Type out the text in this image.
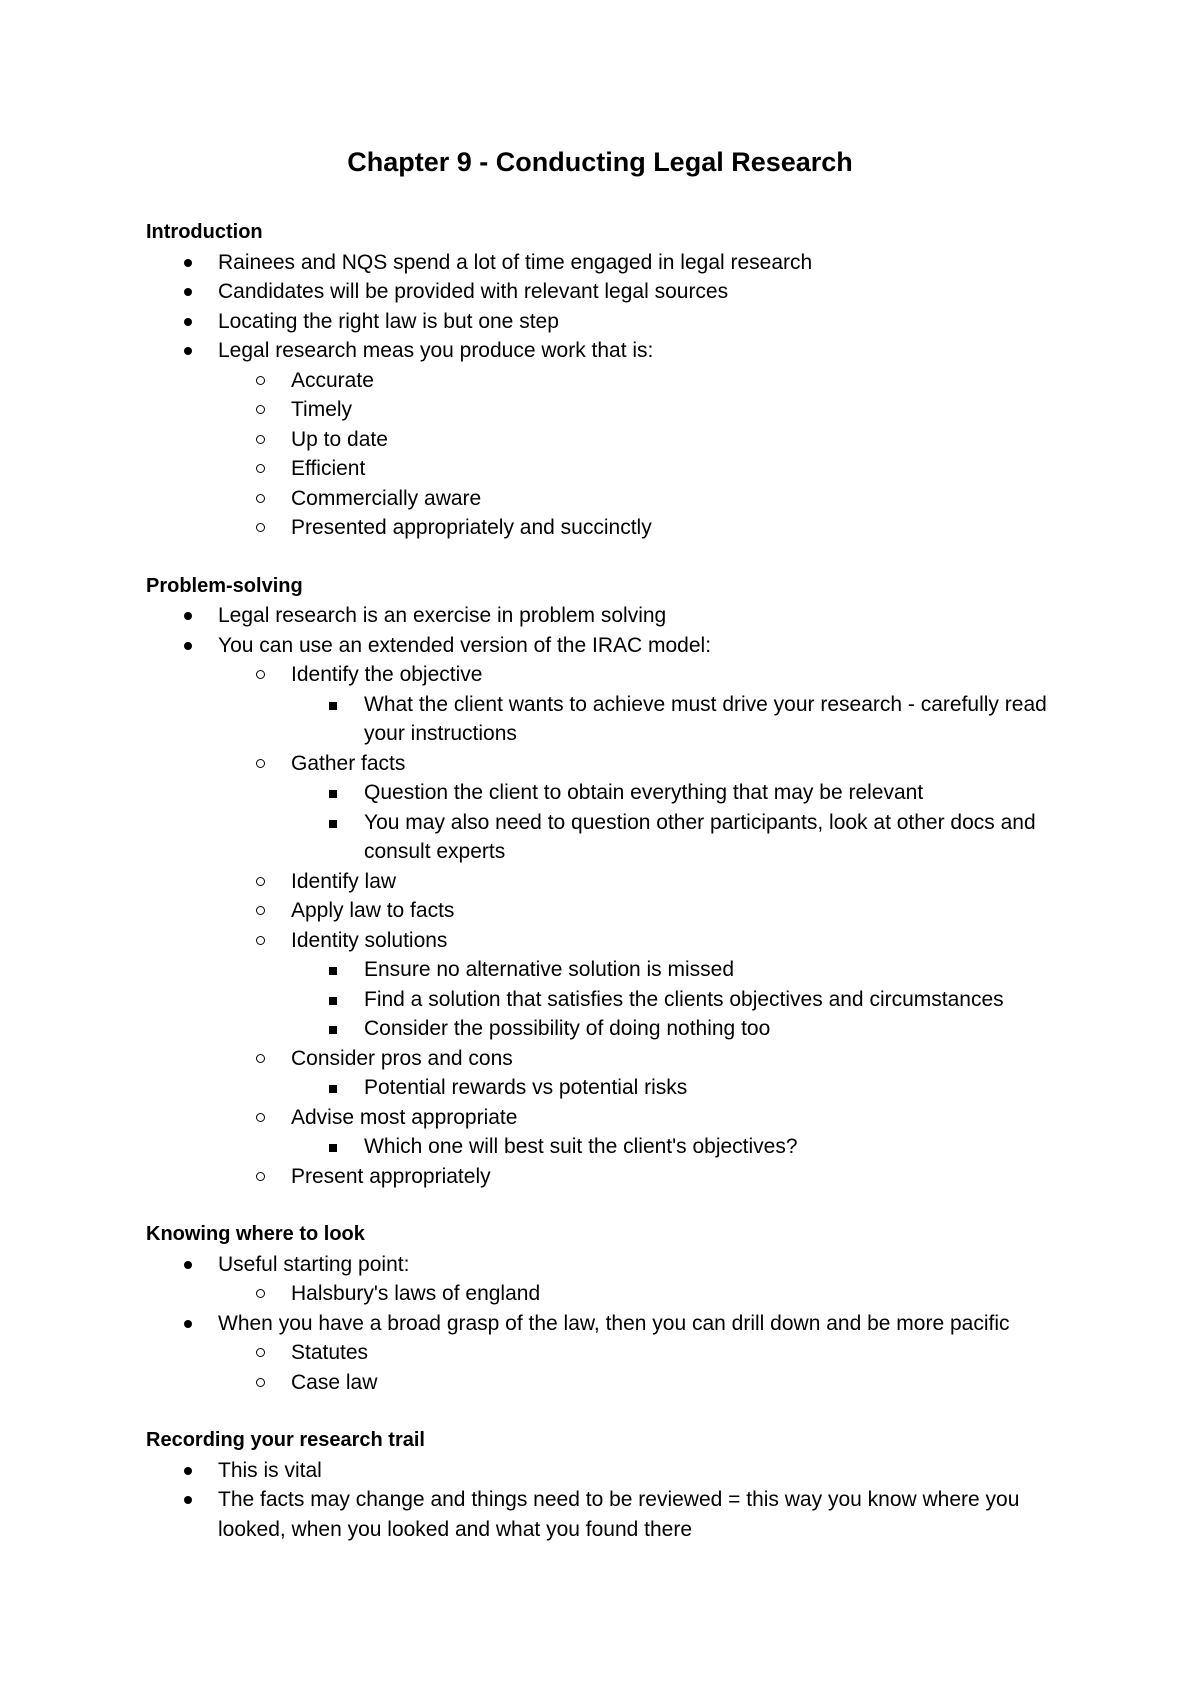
Chapter 9 - Conducting Legal Research
Introduction
Rainees and NQS spend a lot of time engaged in legal research
Candidates will be provided with relevant legal sources
Locating the right law is but one step
Legal research meas you produce work that is:
Accurate
Timely
Up to date
Efficient
Commercially aware
Presented appropriately and succinctly
Problem-solving
Legal research is an exercise in problem solving
You can use an extended version of the IRAC model:
Identify the objective
What the client wants to achieve must drive your research - carefully read your instructions
Gather facts
Question the client to obtain everything that may be relevant
You may also need to question other participants, look at other docs and consult experts
Identify law
Apply law to facts
Identity solutions
Ensure no alternative solution is missed
Find a solution that satisfies the clients objectives and circumstances
Consider the possibility of doing nothing too
Consider pros and cons
Potential rewards vs potential risks
Advise most appropriate
Which one will best suit the client's objectives?
Present appropriately
Knowing where to look
Useful starting point:
Halsbury's laws of england
When you have a broad grasp of the law, then you can drill down and be more pacific
Statutes
Case law
Recording your research trail
This is vital
The facts may change and things need to be reviewed = this way you know where you looked, when you looked and what you found there
